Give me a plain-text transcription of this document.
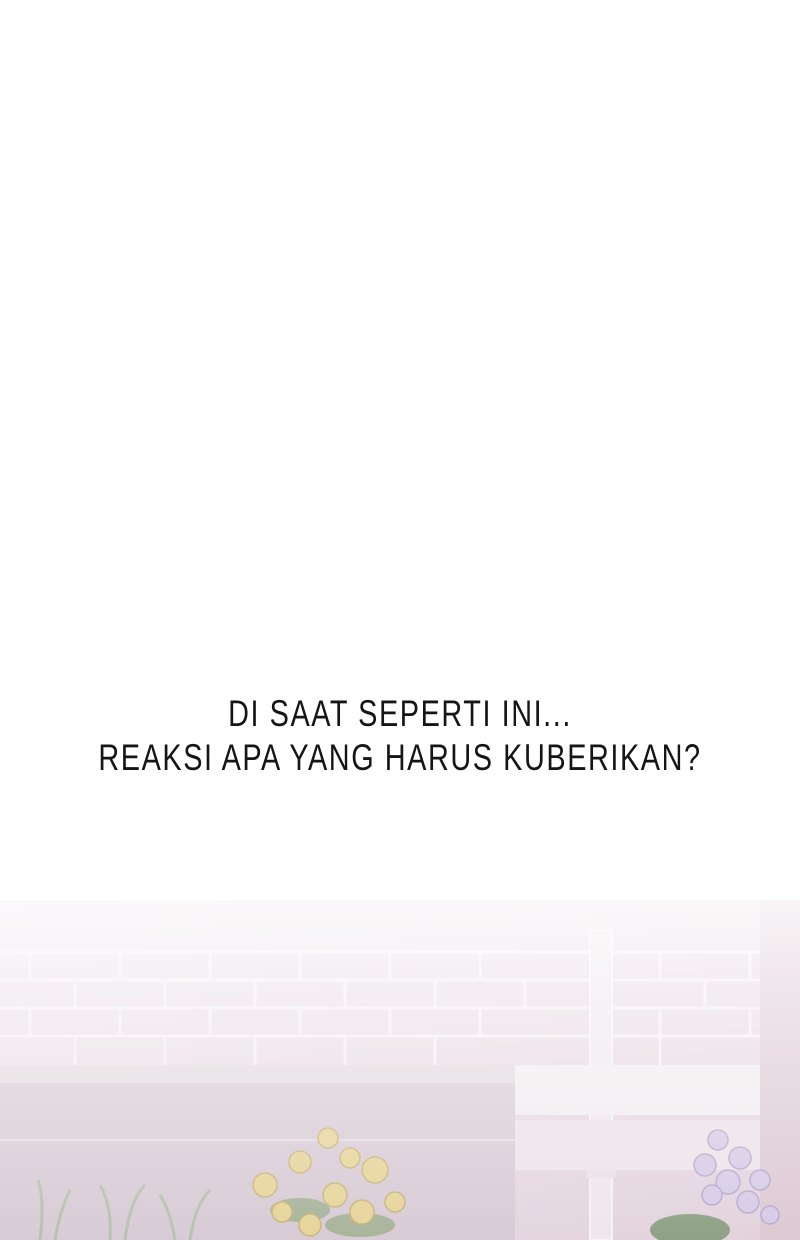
DI SAAT SEPERTI INI...
REAKSI APA YANG HARUS KUBERIKAN?
